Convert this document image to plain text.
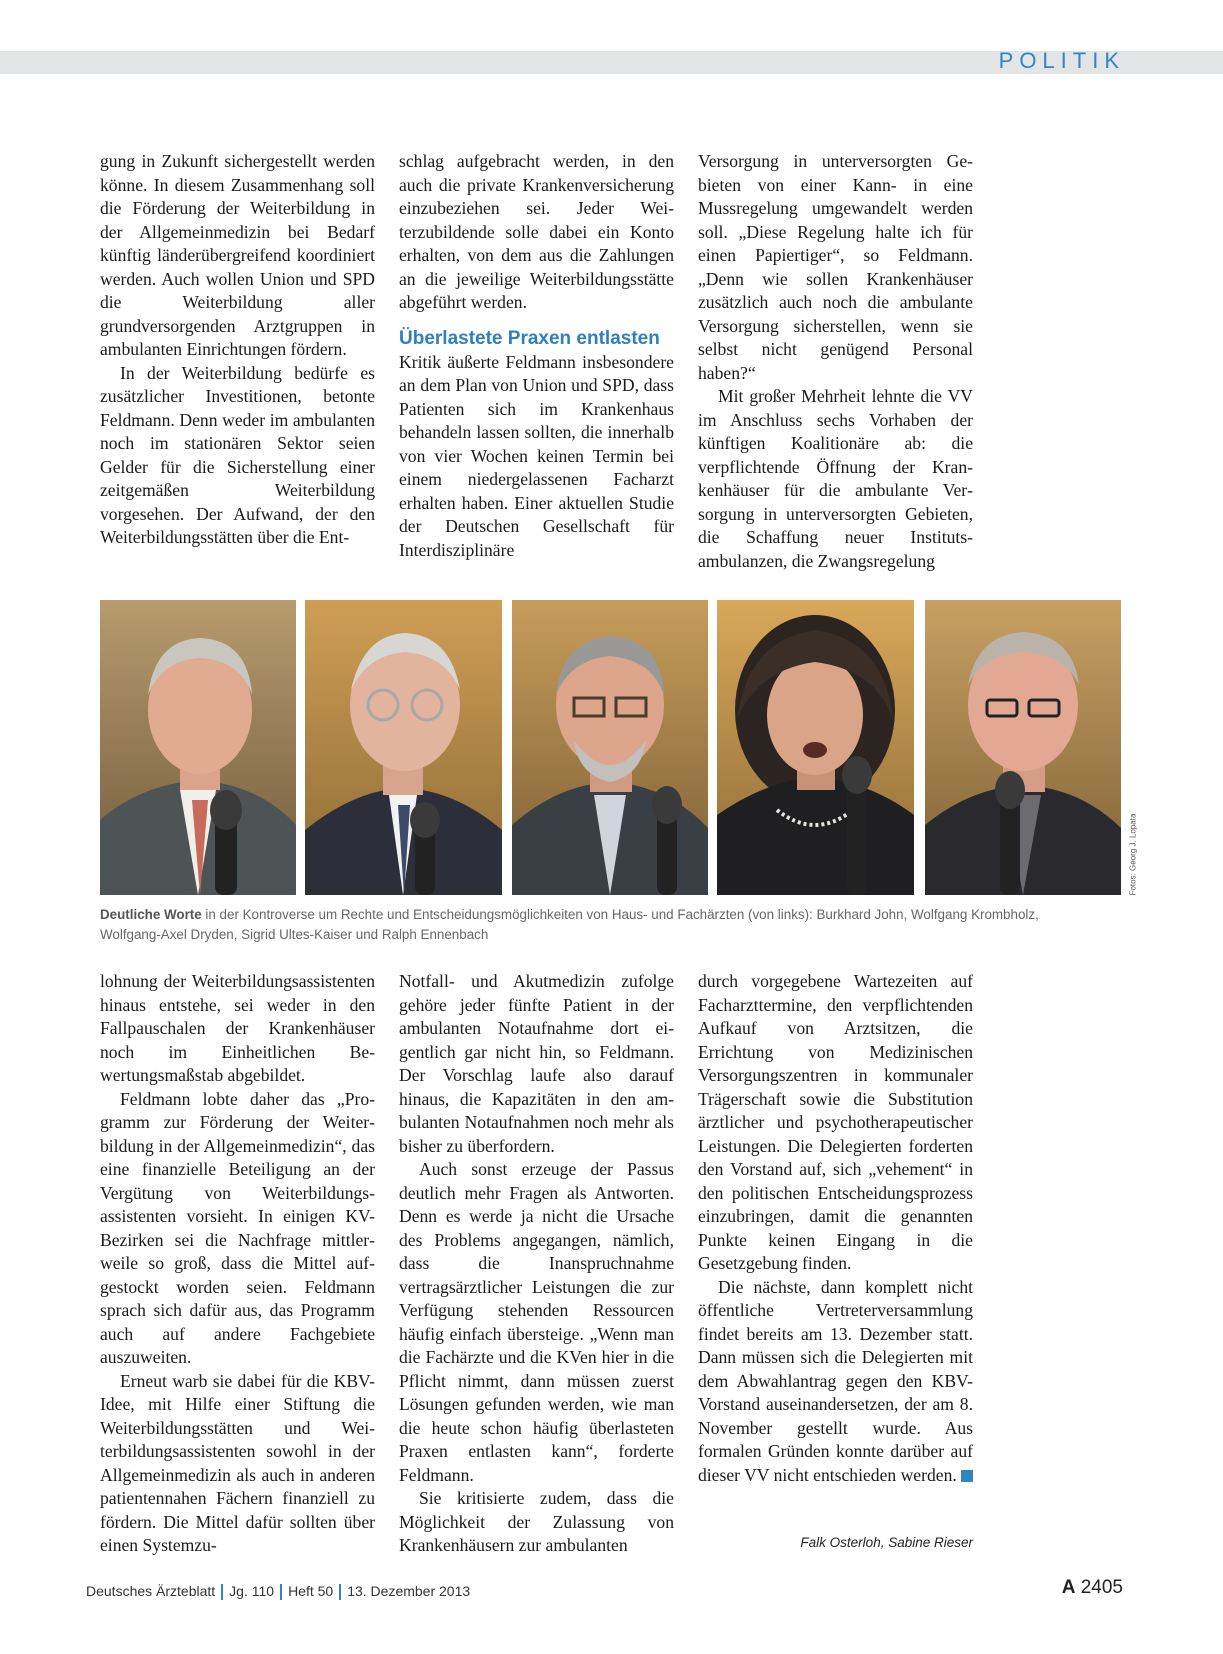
POLITIK

gung in Zukunft sichergestellt werden könne. In diesem Zusammenhang soll die Förderung der Weiterbildung in der Allgemeinmedizin bei Bedarf künftig länderübergreifend koordiniert werden. Auch wollen Union und SPD die Weiterbildung aller grundversorgenden Arztgruppen in ambulanten Einrichtungen fördern.

In der Weiterbildung bedürfe es zusätzlicher Investitionen, betonte Feldmann. Denn weder im ambulanten noch im stationären Sektor seien Gelder für die Sicherstellung einer zeitgemäßen Weiterbildung vorgesehen. Der Aufwand, der den Weiterbildungsstätten über die Ent-

schlag aufgebracht werden, in den auch die private Krankenversicherung einzubeziehen sei. Jeder Weiterzubildende solle dabei ein Konto erhalten, von dem aus die Zahlungen an die jeweilige Weiterbildungsstätte abgeführt werden.

Überlastete Praxen entlasten

Kritik äußerte Feldmann insbesondere an dem Plan von Union und SPD, dass Patienten sich im Krankenhaus behandeln lassen sollten, die innerhalb von vier Wochen keinen Termin bei einem niedergelassenen Facharzt erhalten haben. Einer aktuellen Studie der Deutschen Gesellschaft für Interdisziplinäre

Versorgung in unterversorgten Gebieten von einer Kann- in eine Mussregelung umgewandelt werden soll. „Diese Regelung halte ich für einen Papiertiger“, so Feldmann. „Denn wie sollen Krankenhäuser zusätzlich auch noch die ambulante Versorgung sicherstellen, wenn sie selbst nicht genügend Personal haben?“

Mit großer Mehrheit lehnte die VV im Anschluss sechs Vorhaben der künftigen Koalitionäre ab: die verpflichtende Öffnung der Krankenhäuser für die ambulante Versorgung in unterversorgten Gebieten, die Schaffung neuer Institutsambulanzen, die Zwangsregelung

Fotos: Georg J. Lopata
Deutliche Worte in der Kontroverse um Rechte und Entscheidungsmöglichkeiten von Haus- und Fachärzten (von links): Burkhard John, Wolfgang Krombholz, Wolfgang-Axel Dryden, Sigrid Ultes-Kaiser und Ralph Ennenbach

lohnung der Weiterbildungsassistenten hinaus entstehe, sei weder in den Fallpauschalen der Krankenhäuser noch im Einheitlichen Bewertungsmaßstab abgebildet.

Feldmann lobte daher das „Programm zur Förderung der Weiterbildung in der Allgemeinmedizin“, das eine finanzielle Beteiligung an der Vergütung von Weiterbildungsassistenten vorsieht. In einigen KV-Bezirken sei die Nachfrage mittlerweile so groß, dass die Mittel aufgestockt worden seien. Feldmann sprach sich dafür aus, das Programm auch auf andere Fachgebiete auszuweiten.

Erneut warb sie dabei für die KBV-Idee, mit Hilfe einer Stiftung die Weiterbildungsstätten und Weiterbildungsassistenten sowohl in der Allgemeinmedizin als auch in anderen patientennahen Fächern finanziell zu fördern. Die Mittel dafür sollten über einen Systemzu-

Notfall- und Akutmedizin zufolge gehöre jeder fünfte Patient in der ambulanten Notaufnahme dort eigentlich gar nicht hin, so Feldmann. Der Vorschlag laufe also darauf hinaus, die Kapazitäten in den ambulanten Notaufnahmen noch mehr als bisher zu überfordern.

Auch sonst erzeuge der Passus deutlich mehr Fragen als Antworten. Denn es werde ja nicht die Ursache des Problems angegangen, nämlich, dass die Inanspruchnahme vertragsärztlicher Leistungen die zur Verfügung stehenden Ressourcen häufig einfach übersteige. „Wenn man die Fachärzte und die KVen hier in die Pflicht nimmt, dann müssen zuerst Lösungen gefunden werden, wie man die heute schon häufig überlasteten Praxen entlasten kann“, forderte Feldmann.

Sie kritisierte zudem, dass die Möglichkeit der Zulassung von Krankenhäusern zur ambulanten

durch vorgegebene Wartezeiten auf Facharzttermine, den verpflichtenden Aufkauf von Arztsitzen, die Errichtung von Medizinischen Versorgungszentren in kommunaler Trägerschaft sowie die Substitution ärztlicher und psychotherapeutischer Leistungen. Die Delegierten forderten den Vorstand auf, sich „vehement“ in den politischen Entscheidungsprozess einzubringen, damit die genannten Punkte keinen Eingang in die Gesetzgebung finden.

Die nächste, dann komplett nicht öffentliche Vertreterversammlung findet bereits am 13. Dezember statt. Dann müssen sich die Delegierten mit dem Abwahlantrag gegen den KBV-Vorstand auseinandersetzen, der am 8. November gestellt wurde. Aus formalen Gründen konnte darüber auf dieser VV nicht entschieden werden.

Falk Osterloh, Sabine Rieser
Deutsches Ärzteblatt Jg. 110 Heft 50 13. Dezember 2013	A 2405
